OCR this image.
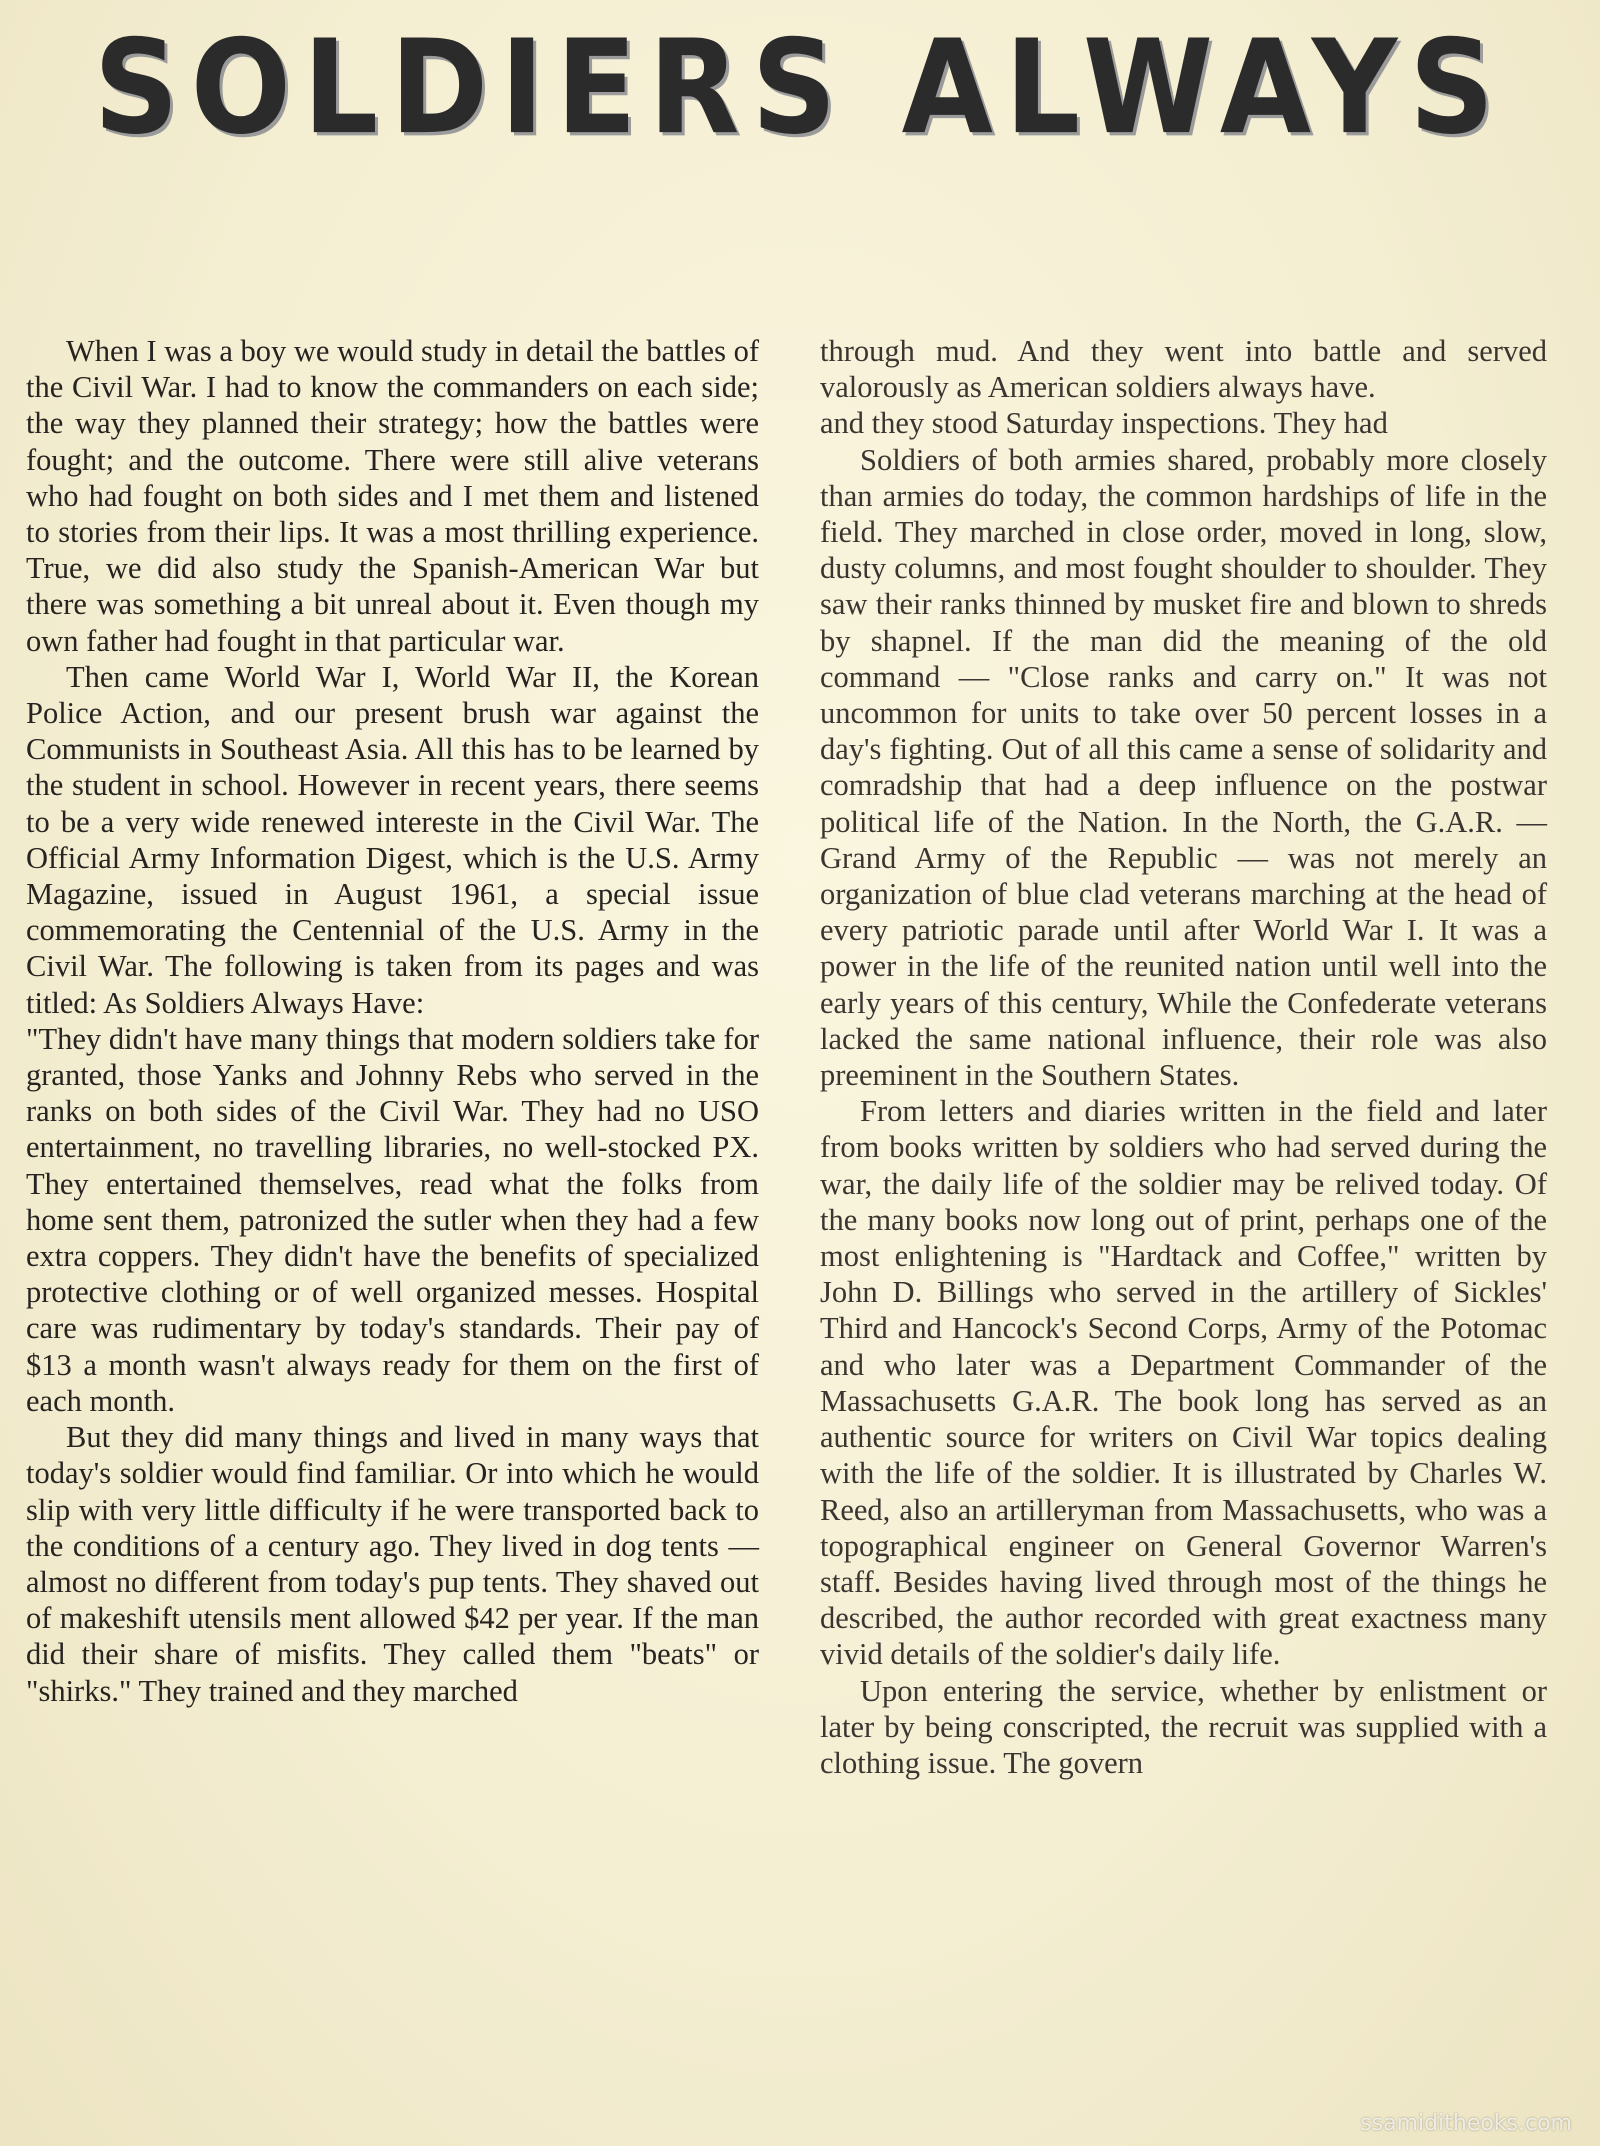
SOLDIERS ALWAYS

When I was a boy we would study in detail the battles of the Civil War. I had to know the commanders on each side; the way they planned their strategy; how the battles were fought; and the outcome. There were still alive veterans who had fought on both sides and I met them and listened to stories from their lips. It was a most thrilling experience. True, we did also study the Spanish-American War but there was something a bit unreal about it. Even though my own father had fought in that particular war.

Then came World War I, World War II, the Korean Police Action, and our present brush war against the Communists in Southeast Asia. All this has to be learned by the student in school. However in recent years, there seems to be a very wide renewed intereste in the Civil War. The Official Army Information Digest, which is the U.S. Army Magazine, issued in August 1961, a special issue commemorating the Centennial of the U.S. Army in the Civil War. The following is taken from its pages and was titled: As Soldiers Always Have:

"They didn't have many things that modern soldiers take for granted, those Yanks and Johnny Rebs who served in the ranks on both sides of the Civil War. They had no USO entertainment, no travelling libraries, no well-stocked PX. They entertained themselves, read what the folks from home sent them, patronized the sutler when they had a few extra coppers. They didn't have the benefits of specialized protective clothing or of well organized messes. Hospital care was rudimentary by today's standards. Their pay of $13 a month wasn't always ready for them on the first of each month.

But they did many things and lived in many ways that today's soldier would find familiar. Or into which he would slip with very little difficulty if he were transported back to the conditions of a century ago. They lived in dog tents — almost no different from today's pup tents. They shaved out of makeshift utensils ment allowed $42 per year. If the man did their share of misfits. They called them "beats" or "shirks." They trained and they marched

through mud. And they went into battle and served valorously as American soldiers always have.

and they stood Saturday inspections. They had

Soldiers of both armies shared, probably more closely than armies do today, the common hardships of life in the field. They marched in close order, moved in long, slow, dusty columns, and most fought shoulder to shoulder. They saw their ranks thinned by musket fire and blown to shreds by shapnel. If the man did the meaning of the old command — "Close ranks and carry on." It was not uncommon for units to take over 50 percent losses in a day's fighting. Out of all this came a sense of solidarity and comradship that had a deep influence on the postwar political life of the Nation. In the North, the G.A.R. — Grand Army of the Republic — was not merely an organization of blue clad veterans marching at the head of every patriotic parade until after World War I. It was a power in the life of the reunited nation until well into the early years of this century, While the Confederate veterans lacked the same national influence, their role was also preeminent in the Southern States.

From letters and diaries written in the field and later from books written by soldiers who had served during the war, the daily life of the soldier may be relived today. Of the many books now long out of print, perhaps one of the most enlightening is "Hardtack and Coffee," written by John D. Billings who served in the artillery of Sickles' Third and Hancock's Second Corps, Army of the Potomac and who later was a Department Commander of the Massachusetts G.A.R. The book long has served as an authentic source for writers on Civil War topics dealing with the life of the soldier. It is illustrated by Charles W. Reed, also an artilleryman from Massachusetts, who was a topographical engineer on General Governor Warren's staff. Besides having lived through most of the things he described, the author recorded with great exactness many vivid details of the soldier's daily life.

Upon entering the service, whether by enlistment or later by being conscripted, the recruit was supplied with a clothing issue. The govern

ssamiditheoks.com
